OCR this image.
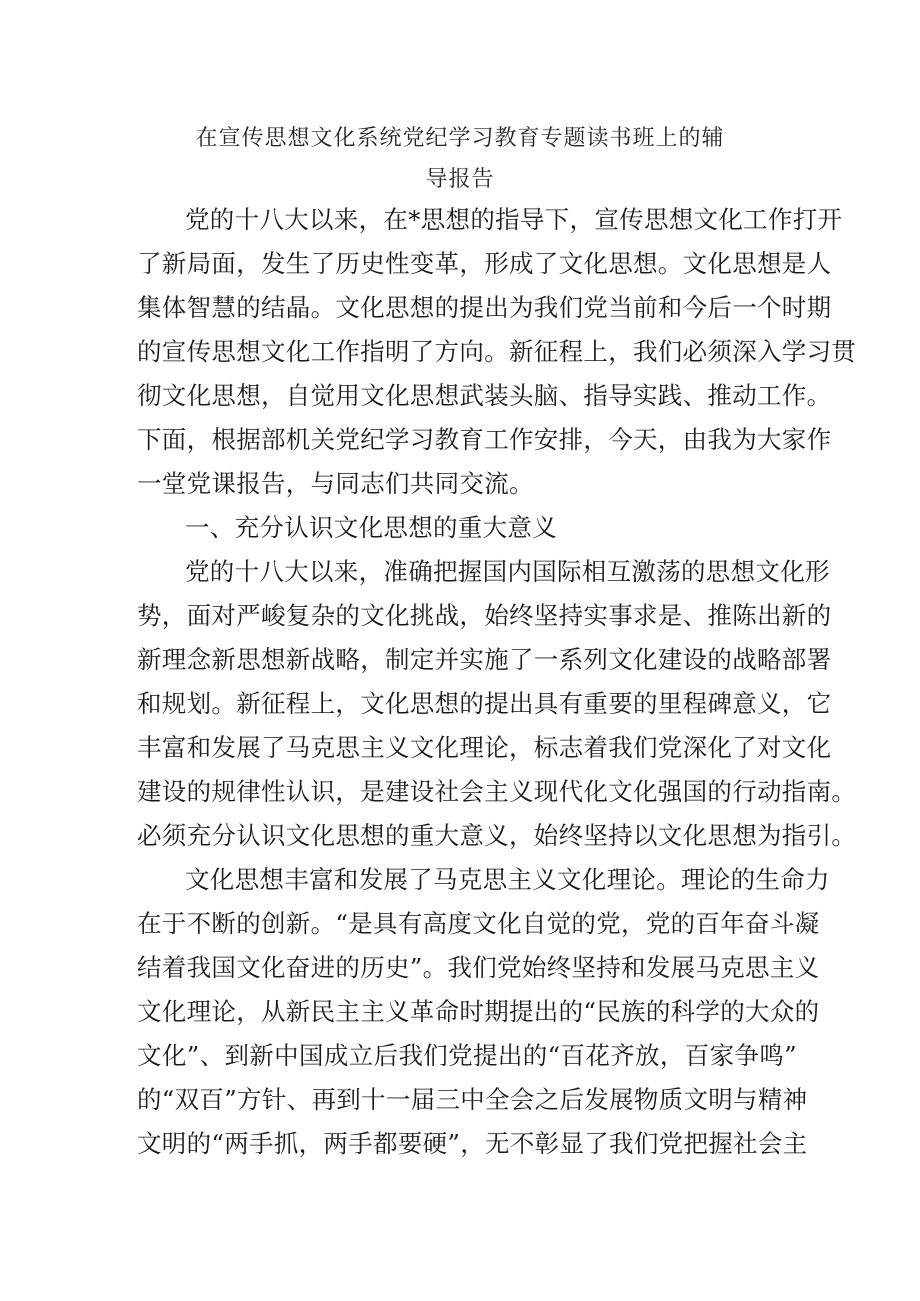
在宣传思想文化系统党纪学习教育专题读书班上的辅
导报告
党的十八大以来，在*思想的指导下，宣传思想文化工作打开
了新局面，发生了历史性变革，形成了文化思想。文化思想是人
集体智慧的结晶。文化思想的提出为我们党当前和今后一个时期
的宣传思想文化工作指明了方向。新征程上，我们必须深入学习贯
彻文化思想，自觉用文化思想武装头脑、指导实践、推动工作。
下面，根据部机关党纪学习教育工作安排，今天，由我为大家作
一堂党课报告，与同志们共同交流。
一、充分认识文化思想的重大意义
党的十八大以来，准确把握国内国际相互激荡的思想文化形
势，面对严峻复杂的文化挑战，始终坚持实事求是、推陈出新的
新理念新思想新战略，制定并实施了一系列文化建设的战略部署
和规划。新征程上，文化思想的提出具有重要的里程碑意义，它
丰富和发展了马克思主义文化理论，标志着我们党深化了对文化
建设的规律性认识，是建设社会主义现代化文化强国的行动指南。
必须充分认识文化思想的重大意义，始终坚持以文化思想为指引。
文化思想丰富和发展了马克思主义文化理论。理论的生命力
在于不断的创新。“是具有高度文化自觉的党，党的百年奋斗凝
结着我国文化奋进的历史”。我们党始终坚持和发展马克思主义
文化理论，从新民主主义革命时期提出的“民族的科学的大众的
文化”、到新中国成立后我们党提出的“百花齐放，百家争鸣”
的“双百”方针、再到十一届三中全会之后发展物质文明与精神
文明的“两手抓，两手都要硬”，无不彰显了我们党把握社会主
